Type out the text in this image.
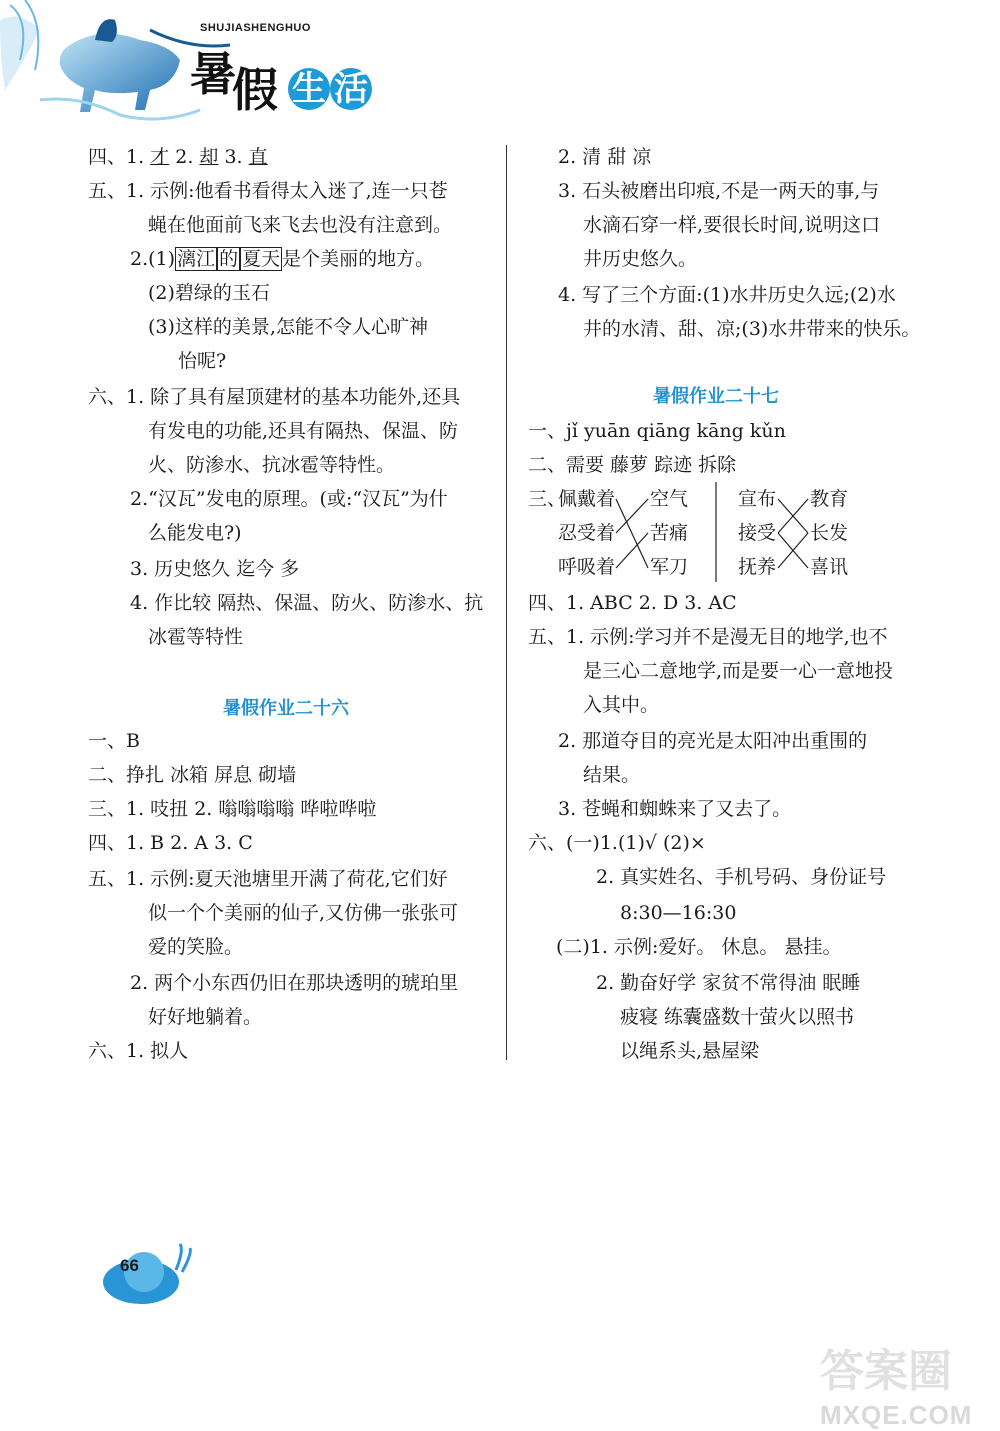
SHUJIASHENGHUO
暑
假 生 活
四、1. 才 2. 却 3. 直
五、1. 示例:他看书看得太入迷了,连一只苍
蝇在他面前飞来飞去也没有注意到。
2.(1) 漓江 的 夏天 是个美丽的地方。
(2)碧绿的玉石
(3)这样的美景,怎能不令人心旷神
怡呢?
六、1. 除了具有屋顶建材的基本功能外,还具
有发电的功能,还具有隔热、保温、防
火、防渗水、抗冰雹等特性。
2.“汉瓦”发电的原理。(或:“汉瓦”为什
么能发电?)
3. 历史悠久 迄今 多
4. 作比较 隔热、保温、防火、防渗水、抗
冰雹等特性
暑假作业二十六
一、B
二、挣扎 冰箱 屏息 砌墙
三、1. 吱扭 2. 嗡嗡嗡嗡 哗啦哗啦
四、1. B 2. A 3. C
五、1. 示例:夏天池塘里开满了荷花,它们好
似一个个美丽的仙子,又仿佛一张张可
爱的笑脸。
2. 两个小东西仍旧在那块透明的琥珀里
好好地躺着。
六、1. 拟人
2. 清 甜 凉
3. 石头被磨出印痕,不是一两天的事,与
水滴石穿一样,要很长时间,说明这口
井历史悠久。
4. 写了三个方面:(1)水井历史久远;(2)水
井的水清、甜、凉;(3)水井带来的快乐。
暑假作业二十七
一、jǐ yuān qiāng kāng kǔn
二、需要 藤萝 踪迹 拆除
三、
佩戴着
忍受着
呼吸着
空气
苦痛
军刀
宣布
接受
抚养
教育
长发
喜讯
四、1. ABC 2. D 3. AC
五、1. 示例:学习并不是漫无目的地学,也不
是三心二意地学,而是要一心一意地投
入其中。
2. 那道夺目的亮光是太阳冲出重围的
结果。
3. 苍蝇和蜘蛛来了又去了。
六、(一)1.(1)√ (2)×
2. 真实姓名、手机号码、身份证号
8:30—16:30
(二)1. 示例:爱好。 休息。 悬挂。
2. 勤奋好学 家贫不常得油 眠睡
疲寝 练囊盛数十萤火以照书
以绳系头,悬屋梁
66
答案圈
MXQE.COM
